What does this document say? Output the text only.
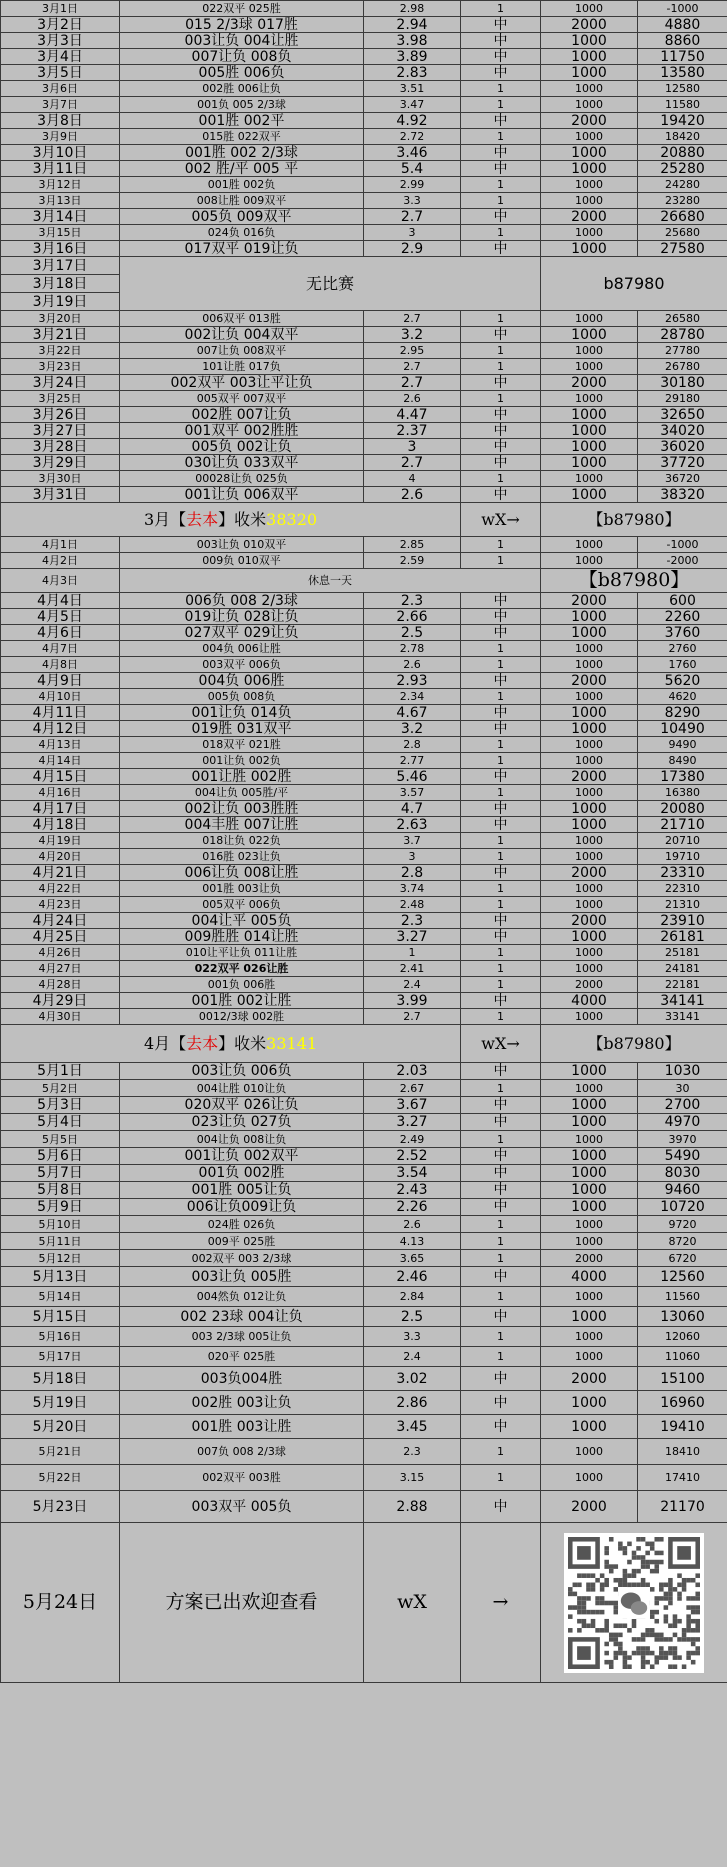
3月1日	022双平 025胜	2.98	1	1000	-1000
3月2日	015 2/3球 017胜	2.94	中	2000	4880
3月3日	003让负 004让胜	3.98	中	1000	8860
3月4日	007让负 008负	3.89	中	1000	11750
3月5日	005胜 006负	2.83	中	1000	13580
3月6日	002胜 006让负	3.51	1	1000	12580
3月7日	001负 005 2/3球	3.47	1	1000	11580
3月8日	001胜 002平	4.92	中	2000	19420
3月9日	015胜 022双平	2.72	1	1000	18420
3月10日	001胜 002 2/3球	3.46	中	1000	20880
3月11日	002 胜/平 005 平	5.4	中	1000	25280
3月12日	001胜 002负	2.99	1	1000	24280
3月13日	008让胜 009双平	3.3	1	1000	23280
3月14日	005负 009双平	2.7	中	2000	26680
3月15日	024负 016负	3	1	1000	25680
3月16日	017双平 019让负	2.9	中	1000	27580
3月17日	无比赛			b87980	
3月18日					
3月19日					
3月20日	006双平 013胜	2.7	1	1000	26580
3月21日	002让负 004双平	3.2	中	1000	28780
3月22日	007让负 008双平	2.95	1	1000	27780
3月23日	101让胜 017负	2.7	1	1000	26780
3月24日	002双平 003让平让负	2.7	中	2000	30180
3月25日	005双平 007双平	2.6	1	1000	29180
3月26日	002胜 007让负	4.47	中	1000	32650
3月27日	001双平 002胜胜	2.37	中	1000	34020
3月28日	005负 002让负	3	中	1000	36020
3月29日	030让负 033双平	2.7	中	1000	37720
3月30日	00028让负 025负	4	1	1000	36720
3月31日	001让负 006双平	2.6	中	1000	38320
3月【去本】收米38320			wX→	【b87980】	
4月1日	003让负 010双平	2.85	1	1000	-1000
4月2日	009负 010双平	2.59	1	1000	-2000
4月3日	休息一天			【b87980】	
4月4日	006负 008 2/3球	2.3	中	2000	600
4月5日	019让负 028让负	2.66	中	1000	2260
4月6日	027双平 029让负	2.5	中	1000	3760
4月7日	004负 006让胜	2.78	1	1000	2760
4月8日	003双平 006负	2.6	1	1000	1760
4月9日	004负 006胜	2.93	中	2000	5620
4月10日	005负 008负	2.34	1	1000	4620
4月11日	001让负 014负	4.67	中	1000	8290
4月12日	019胜 031双平	3.2	中	1000	10490
4月13日	018双平 021胜	2.8	1	1000	9490
4月14日	001让负 002负	2.77	1	1000	8490
4月15日	001让胜 002胜	5.46	中	2000	17380
4月16日	004让负 005胜/平	3.57	1	1000	16380
4月17日	002让负 003胜胜	4.7	中	1000	20080
4月18日	004丰胜 007让胜	2.63	中	1000	21710
4月19日	018让负 022负	3.7	1	1000	20710
4月20日	016胜 023让负	3	1	1000	19710
4月21日	006让负 008让胜	2.8	中	2000	23310
4月22日	001胜 003让负	3.74	1	1000	22310
4月23日	005双平 006负	2.48	1	1000	21310
4月24日	004让平 005负	2.3	中	2000	23910
4月25日	009胜胜 014让胜	3.27	中	1000	26181
4月26日	010让平让负 011让胜	1	1	1000	25181
4月27日	022双平 026让胜	2.41	1	1000	24181
4月28日	001负 006胜	2.4	1	2000	22181
4月29日	001胜 002让胜	3.99	中	4000	34141
4月30日	0012/3球 002胜	2.7	1	1000	33141
4月【去本】收米33141			wX→	【b87980】	
5月1日	003让负 006负	2.03	中	1000	1030
5月2日	004让胜 010让负	2.67	1	1000	30
5月3日	020双平 026让负	3.67	中	1000	2700
5月4日	023让负 027负	3.27	中	1000	4970
5月5日	004让负 008让负	2.49	1	1000	3970
5月6日	001让负 002双平	2.52	中	1000	5490
5月7日	001负 002胜	3.54	中	1000	8030
5月8日	001胜 005让负	2.43	中	1000	9460
5月9日	006让负009让负	2.26	中	1000	10720
5月10日	024胜 026负	2.6	1	1000	9720
5月11日	009平 025胜	4.13	1	1000	8720
5月12日	002双平 003 2/3球	3.65	1	2000	6720
5月13日	003让负 005胜	2.46	中	4000	12560
5月14日	004然负 012让负	2.84	1	1000	11560
5月15日	002 23球 004让负	2.5	中	1000	13060
5月16日	003 2/3球 005让负	3.3	1	1000	12060
5月17日	020平 025胜	2.4	1	1000	11060
5月18日	003负004胜	3.02	中	2000	15100
5月19日	002胜 003让负	2.86	中	1000	16960
5月20日	001胜 003让胜	3.45	中	1000	19410
5月21日	007负 008 2/3球	2.3	1	1000	18410
5月22日	002双平 003胜	3.15	1	1000	17410
5月23日	003双平 005负	2.88	中	2000	21170
5月24日	方案已出欢迎查看	wX	→	
